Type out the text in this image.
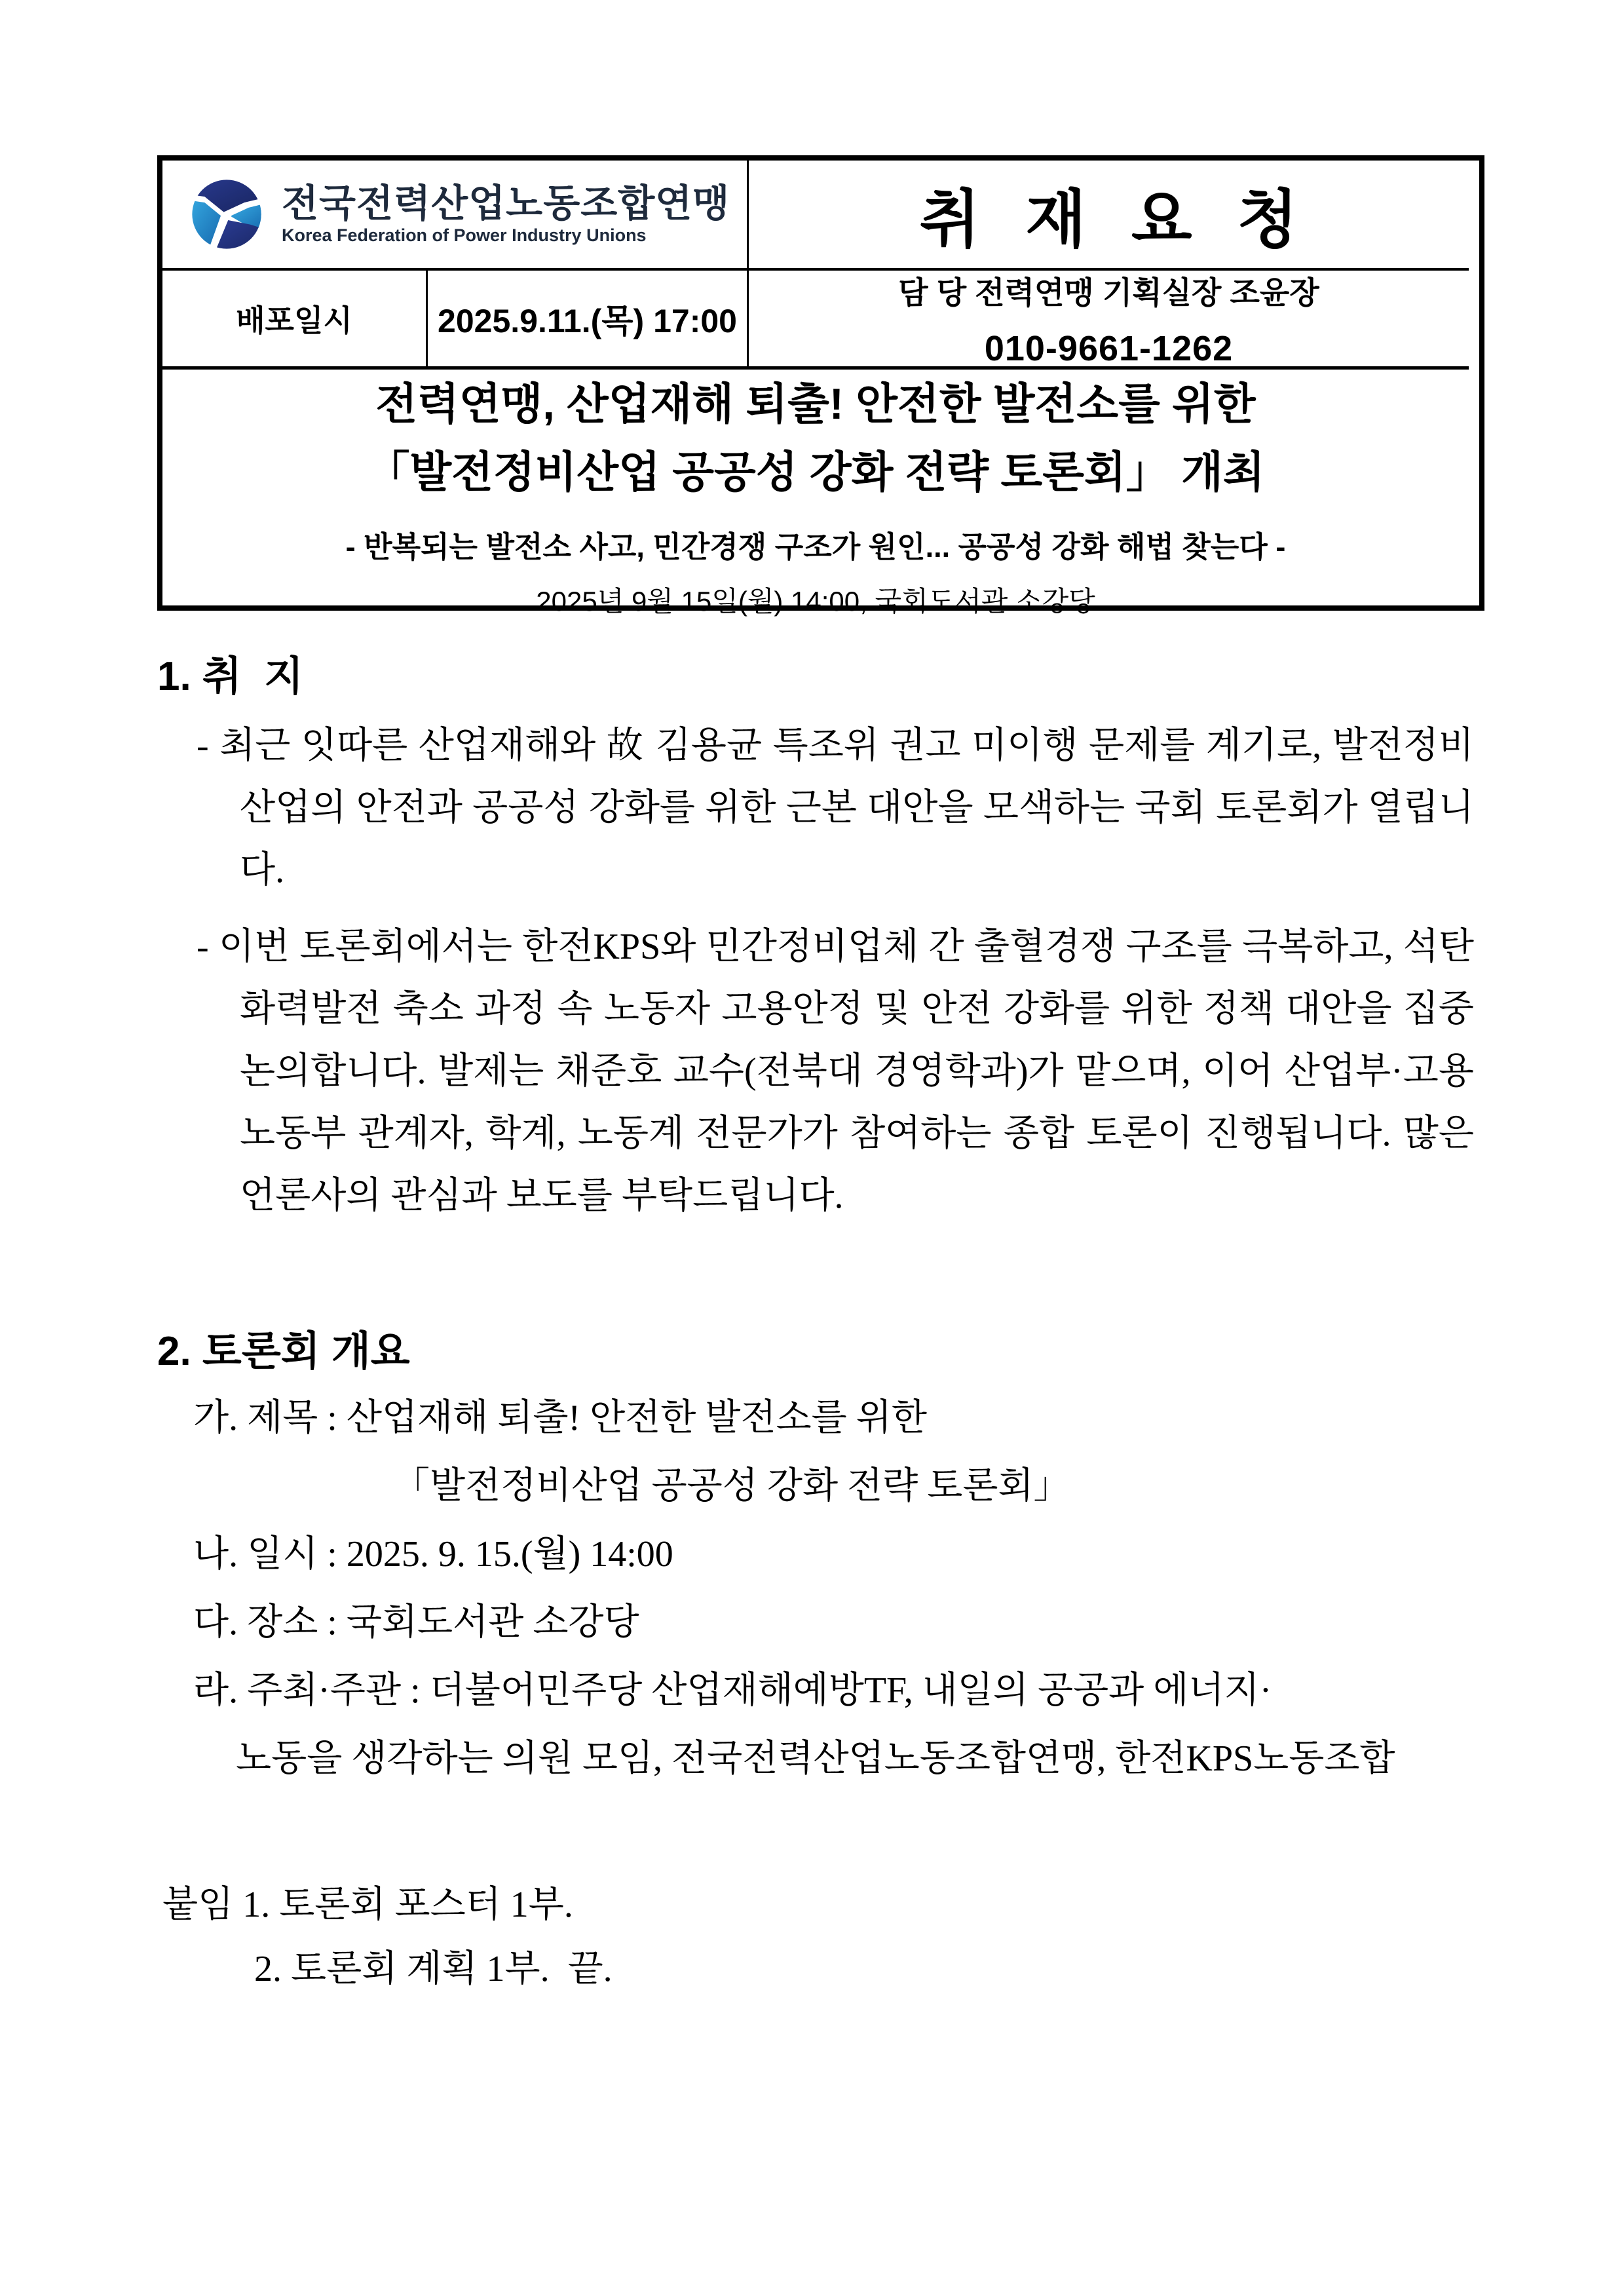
전국전력산업노동조합연맹
Korea Federation of Power Industry Unions	취 재 요 청
배포일시	2025.9.11.(목) 17:00
담 당 전력연맹 기획실장 조윤장
010-9661-1262
전력연맹, 산업재해 퇴출! 안전한 발전소를 위한
「발전정비산업 공공성 강화 전략 토론회」 개최
- 반복되는 발전소 사고, 민간경쟁 구조가 원인... 공공성 강화 해법 찾는다 -
2025년 9월 15일(월) 14:00, 국회도서관 소강당
1. 취  지

- 최근 잇따른 산업재해와 故 김용균 특조위 권고 미이행 문제를 계기로, 발전정비산업의 안전과 공공성 강화를 위한 근본 대안을 모색하는 국회 토론회가 열립니다.

- 이번 토론회에서는 한전KPS와 민간정비업체 간 출혈경쟁 구조를 극복하고, 석탄화력발전 축소 과정 속 노동자 고용안정 및 안전 강화를 위한 정책 대안을 집중 논의합니다. 발제는 채준호 교수(전북대 경영학과)가 맡으며, 이어 산업부·고용노동부 관계자, 학계, 노동계 전문가가 참여하는 종합 토론이 진행됩니다. 많은 언론사의 관심과 보도를 부탁드립니다.

2. 토론회 개요
가. 제목 : 산업재해 퇴출! 안전한 발전소를 위한
「발전정비산업 공공성 강화 전략 토론회」
나. 일시 : 2025. 9. 15.(월) 14:00
다. 장소 : 국회도서관 소강당
라. 주최·주관 : 더불어민주당 산업재해예방TF, 내일의 공공과 에너지·
노동을 생각하는 의원 모임, 전국전력산업노동조합연맹, 한전KPS노동조합
붙임 1. 토론회 포스터 1부.
2. 토론회 계획 1부.  끝.
